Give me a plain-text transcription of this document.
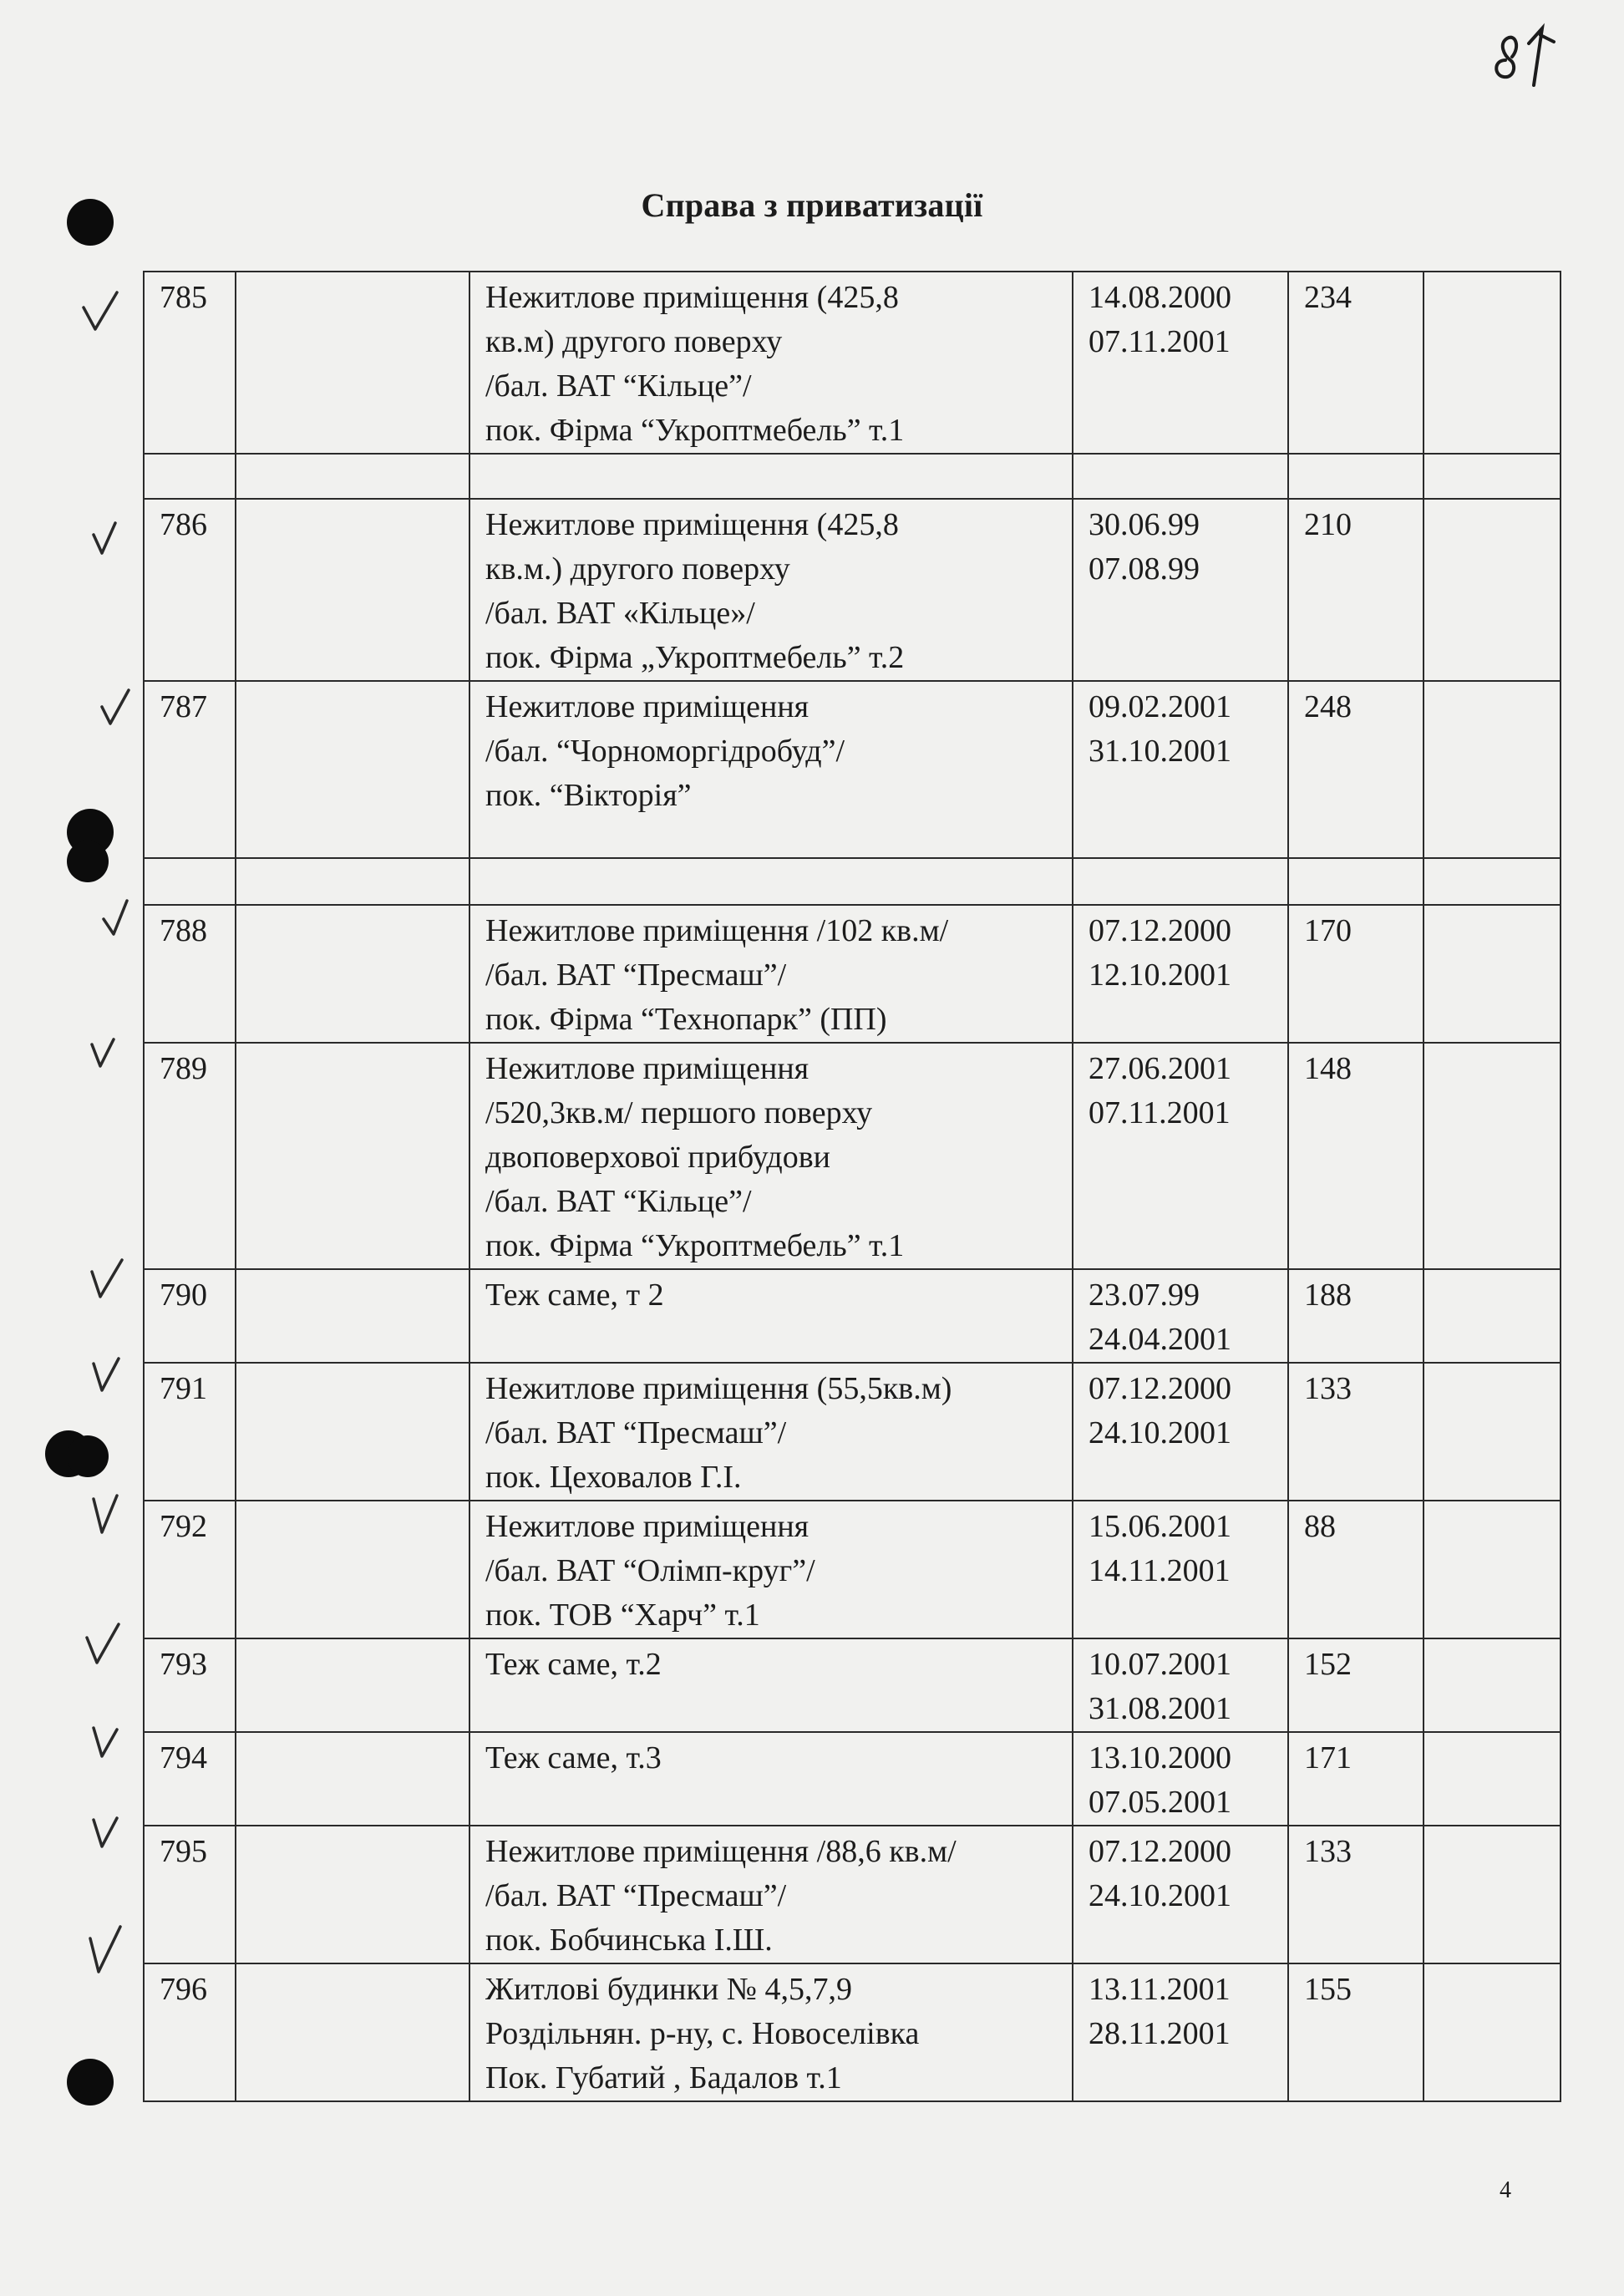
Справа з приватизації
785		Нежитлове приміщення (425,8
кв.м) другого поверху
/бал. ВАТ “Кільце”/
пок. Фірма “Укроптмебель” т.1	14.08.2000
07.11.2001	234	

786		Нежитлове приміщення (425,8
кв.м.) другого поверху
/бал. ВАТ «Кільце»/
пок. Фірма „Укроптмебель” т.2	30.06.99
07.08.99	210	
787		Нежитлове приміщення
/бал. “Чорноморгідробуд”/
пок. “Вікторія”	09.02.2001
31.10.2001	248	

788		Нежитлове приміщення /102 кв.м/
/бал. ВАТ “Пресмаш”/
пок. Фірма “Технопарк” (ПП)	07.12.2000
12.10.2001	170	
789		Нежитлове приміщення
/520,3кв.м/ першого поверху
двоповерхової прибудови
/бал. ВАТ “Кільце”/
пок. Фірма “Укроптмебель” т.1	27.06.2001
07.11.2001	148	
790		Теж саме, т 2	23.07.99
24.04.2001	188	
791		Нежитлове приміщення (55,5кв.м)
/бал. ВАТ “Пресмаш”/
пок. Цеховалов Г.І.	07.12.2000
24.10.2001	133	
792		Нежитлове приміщення
/бал. ВАТ “Олімп-круг”/
пок. ТОВ “Харч” т.1	15.06.2001
14.11.2001	88	
793		Теж саме, т.2	10.07.2001
31.08.2001	152	
794		Теж саме, т.3	13.10.2000
07.05.2001	171	
795		Нежитлове приміщення /88,6 кв.м/
/бал. ВАТ “Пресмаш”/
пок. Бобчинська І.Ш.	07.12.2000
24.10.2001	133	
796		Житлові будинки № 4,5,7,9
Роздільнян. р-ну, с. Новоселівка
Пок. Губатий , Бадалов т.1	13.11.2001
28.11.2001	155	
4
